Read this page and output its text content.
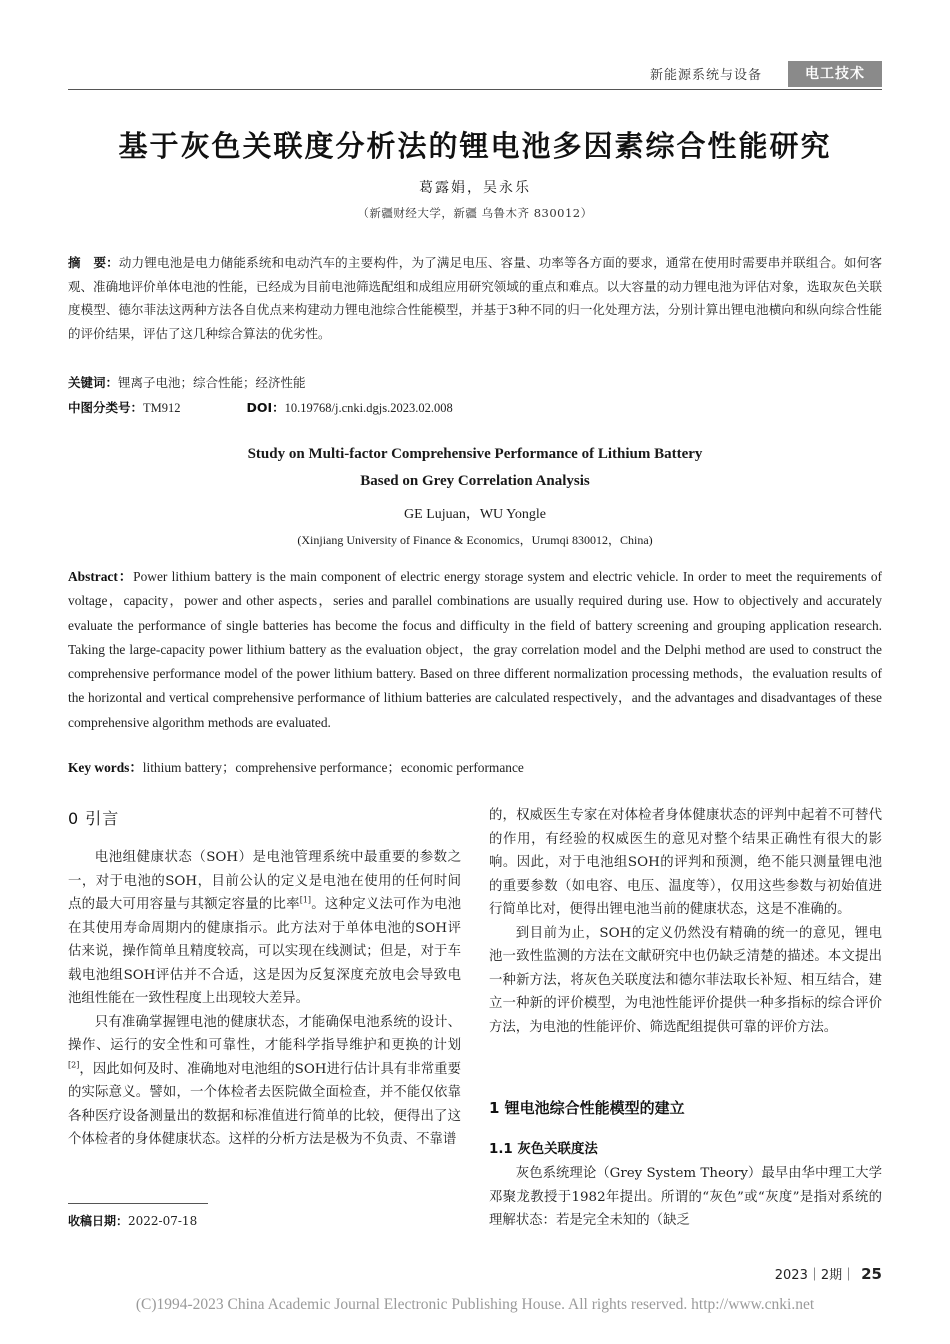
新能源系统与设备	电工技术
基于灰色关联度分析法的锂电池多因素综合性能研究
葛露娟，吴永乐
（新疆财经大学，新疆 乌鲁木齐 830012）
摘　要：动力锂电池是电力储能系统和电动汽车的主要构件，为了满足电压、容量、功率等各方面的要求，通常在使用时需要串并联组合。如何客观、准确地评价单体电池的性能，已经成为目前电池筛选配组和成组应用研究领域的重点和难点。以大容量的动力锂电池为评估对象，选取灰色关联度模型、德尔菲法这两种方法各自优点来构建动力锂电池综合性能模型，并基于3种不同的归一化处理方法，分别计算出锂电池横向和纵向综合性能的评价结果，评估了这几种综合算法的优劣性。
关键词：锂离子电池；综合性能；经济性能
中图分类号：TM912	DOI：10.19768/j.cnki.dgjs.2023.02.008
Study on Multi-factor Comprehensive Performance of Lithium Battery
Based on Grey Correlation Analysis
GE Lujuan，WU Yongle
(Xinjiang University of Finance & Economics，Urumqi 830012，China)
Abstract：Power lithium battery is the main component of electric energy storage system and electric vehicle. In order to meet the requirements of voltage，capacity，power and other aspects，series and parallel combinations are usually required during use. How to objectively and accurately evaluate the performance of single batteries has become the focus and difficulty in the field of battery screening and grouping application research. Taking the large-capacity power lithium battery as the evaluation object，the gray correlation model and the Delphi method are used to construct the comprehensive performance model of the power lithium battery. Based on three different normalization processing methods，the evaluation results of the horizontal and vertical comprehensive performance of lithium batteries are calculated respectively，and the advantages and disadvantages of these comprehensive algorithm methods are evaluated.
Key words：lithium battery；comprehensive performance；economic performance
0 引言

电池组健康状态（SOH）是电池管理系统中最重要的参数之一，对于电池的SOH，目前公认的定义是电池在使用的任何时间点的最大可用容量与其额定容量的比率[1]。这种定义法可作为电池在其使用寿命周期内的健康指示。此方法对于单体电池的SOH评估来说，操作简单且精度较高，可以实现在线测试；但是，对于车载电池组SOH评估并不合适，这是因为反复深度充放电会导致电池组性能在一致性程度上出现较大差异。

只有准确掌握锂电池的健康状态，才能确保电池系统的设计、操作、运行的安全性和可靠性，才能科学指导维护和更换的计划[2]，因此如何及时、准确地对电池组的SOH进行估计具有非常重要的实际意义。譬如，一个体检者去医院做全面检查，并不能仅依靠各种医疗设备测量出的数据和标准值进行简单的比较，便得出了这个体检者的身体健康状态。这样的分析方法是极为不负责、不靠谱

的，权威医生专家在对体检者身体健康状态的评判中起着不可替代的作用，有经验的权威医生的意见对整个结果正确性有很大的影响。因此，对于电池组SOH的评判和预测，绝不能只测量锂电池的重要参数（如电容、电压、温度等），仅用这些参数与初始值进行简单比对，便得出锂电池当前的健康状态，这是不准确的。

到目前为止，SOH的定义仍然没有精确的统一的意见，锂电池一致性监测的方法在文献研究中也仍缺乏清楚的描述。本文提出一种新方法，将灰色关联度法和德尔菲法取长补短、相互结合，建立一种新的评价模型，为电池性能评价提供一种多指标的综合评价方法，为电池的性能评价、筛选配组提供可靠的评价方法。

1 锂电池综合性能模型的建立
1.1 灰色关联度法

灰色系统理论（Grey System Theory）最早由华中理工大学邓聚龙教授于1982年提出。所谓的“灰色”或“灰度”是指对系统的理解状态：若是完全未知的（缺乏

收稿日期：2022-07-18
2023｜2期｜ 25
(C)1994-2023 China Academic Journal Electronic Publishing House. All rights reserved. http://www.cnki.net
